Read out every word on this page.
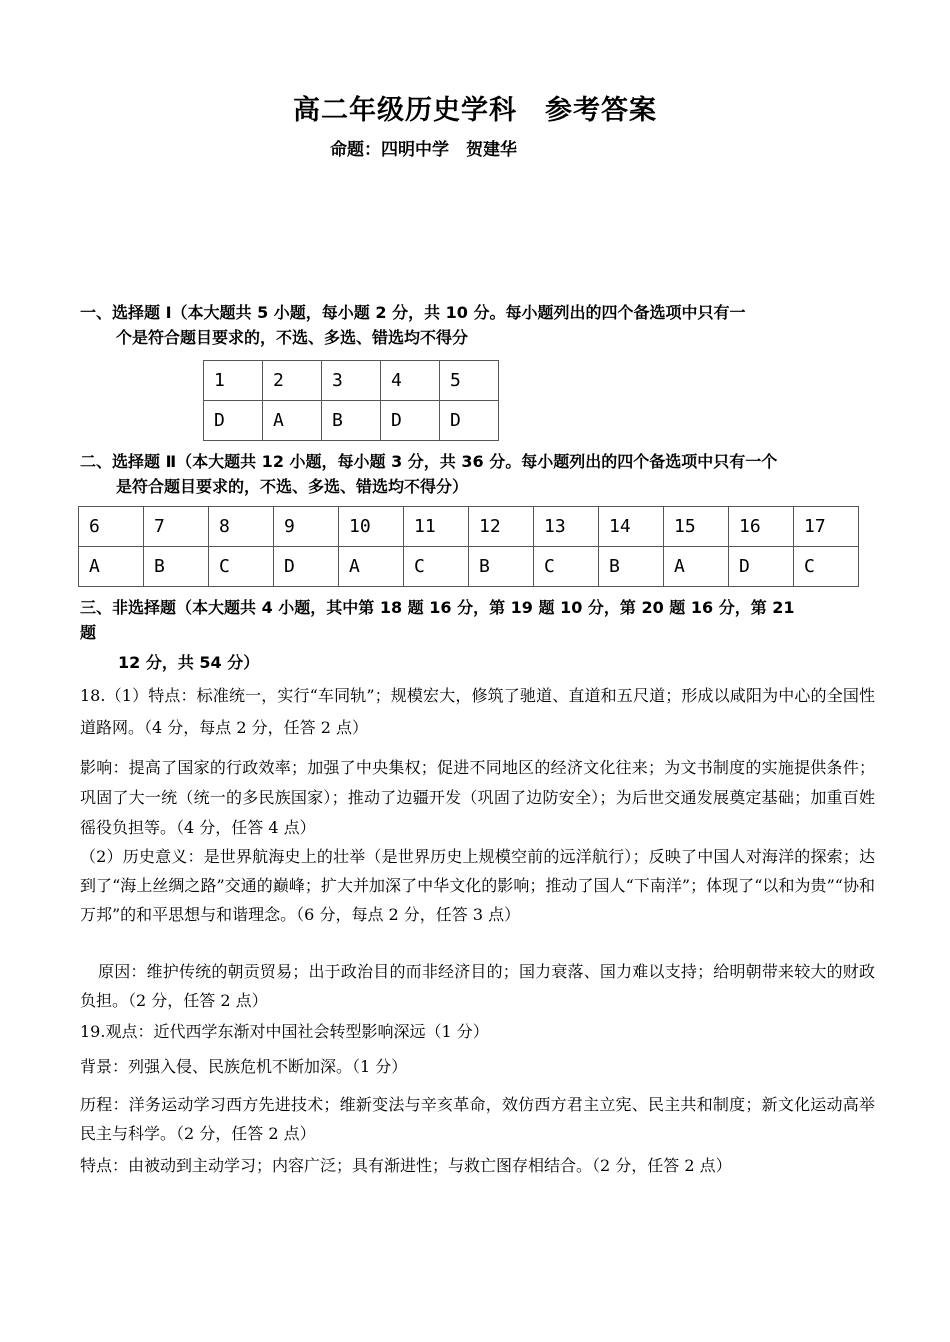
高二年级历史学科　参考答案
命题：四明中学　贺建华
一、选择题 Ⅰ（本大题共 5 小题，每小题 2 分，共 10 分。每小题列出的四个备选项中只有一

个是符合题目要求的，不选、多选、错选均不得分
1	2	3	4	5
D	A	B	D	D
二、选择题 Ⅱ（本大题共 12 小题，每小题 3 分，共 36 分。每小题列出的四个备选项中只有一个

是符合题目要求的，不选、多选、错选均不得分）
6	7	8	9	10	11	12	13	14	15	16	17
A	B	C	D	A	C	B	C	B	A	D	C
三、非选择题（本大题共 4 小题，其中第 18 题 16 分，第 19 题 10 分，第 20 题 16 分，第 21
题
12 分，共 54 分）
18.（1）特点：标准统一，实行“车同轨”；规模宏大，修筑了驰道、直道和五尺道；形成以咸阳为中心的全国性道路网。（4 分，每点 2 分，任答 2 点）
影响：提高了国家的行政效率；加强了中央集权；促进不同地区的经济文化往来；为文书制度的实施提供条件；巩固了大一统（统一的多民族国家）；推动了边疆开发（巩固了边防安全）；为后世交通发展奠定基础；加重百姓徭役负担等。（4 分，任答 4 点）
（2）历史意义：是世界航海史上的壮举（是世界历史上规模空前的远洋航行）；反映了中国人对海洋的探索；达到了“海上丝绸之路”交通的巅峰；扩大并加深了中华文化的影响；推动了国人“下南洋”；体现了“以和为贵”“协和万邦”的和平思想与和谐理念。（6 分，每点 2 分，任答 3 点）
原因：维护传统的朝贡贸易；出于政治目的而非经济目的；国力衰落、国力难以支持；给明朝带来较大的财政负担。（2 分，任答 2 点）
19.观点：近代西学东渐对中国社会转型影响深远（1 分）
背景：列强入侵、民族危机不断加深。（1 分）
历程：洋务运动学习西方先进技术；维新变法与辛亥革命，效仿西方君主立宪、民主共和制度；新文化运动高举民主与科学。（2 分，任答 2 点）
特点：由被动到主动学习；内容广泛；具有渐进性；与救亡图存相结合。（2 分，任答 2 点）
